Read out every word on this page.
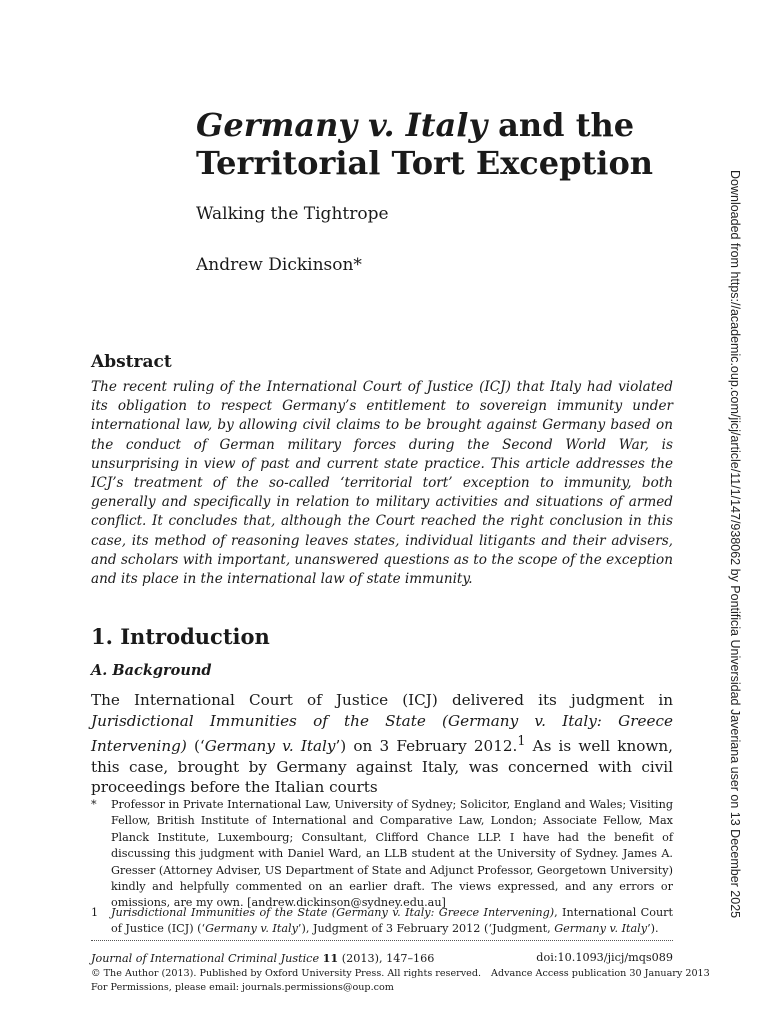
Germany v. Italy and the
Territorial Tort Exception
Walking the Tightrope
Andrew Dickinson*
Abstract

The recent ruling of the International Court of Justice (ICJ) that Italy had violated its obligation to respect Germany’s entitlement to sovereign immunity under international law, by allowing civil claims to be brought against Germany based on the conduct of German military forces during the Second World War, is unsurprising in view of past and current state practice. This article addresses the ICJ’s treatment of the so-called ‘territorial tort’ exception to immunity, both generally and specifically in relation to military activities and situations of armed conflict. It concludes that, although the Court reached the right conclusion in this case, its method of reasoning leaves states, individual litigants and their advisers, and scholars with important, unanswered questions as to the scope of the exception and its place in the international law of state immunity.

1. Introduction
A. Background

The International Court of Justice (ICJ) delivered its judgment in Jurisdictional Immunities of the State (Germany v. Italy: Greece Intervening) (‘Germany v. Italy’) on 3 February 2012.$^1$ As is well known, this case, brought by Germany against Italy, was concerned with civil proceedings before the Italian courts

* Professor in Private International Law, University of Sydney; Solicitor, England and Wales; Visiting Fellow, British Institute of International and Comparative Law, London; Associate Fellow, Max Planck Institute, Luxembourg; Consultant, Clifford Chance LLP. I have had the benefit of discussing this judgment with Daniel Ward, an LLB student at the University of Sydney. James A. Gresser (Attorney Adviser, US Department of State and Adjunct Professor, Georgetown University) kindly and helpfully commented on an earlier draft. The views expressed, and any errors or omissions, are my own. [andrew.dickinson@sydney.edu.au]
1 Jurisdictional Immunities of the State (Germany v. Italy: Greece Intervening), International Court of Justice (ICJ) (‘Germany v. Italy’), Judgment of 3 February 2012 (‘Judgment, Germany v. Italy’).
Journal of International Criminal Justice 11 (2013), 147–166	doi:10.1093/jicj/mqs089
© The Author (2013). Published by Oxford University Press. All rights reserved. Advance Access publication 30 January 2013
For Permissions, please email: journals.permissions@oup.com
Downloaded from https://academic.oup.com/jicj/article/11/1/147/938062 by Pontificia Universidad Javeriana user on 13 December 2025
